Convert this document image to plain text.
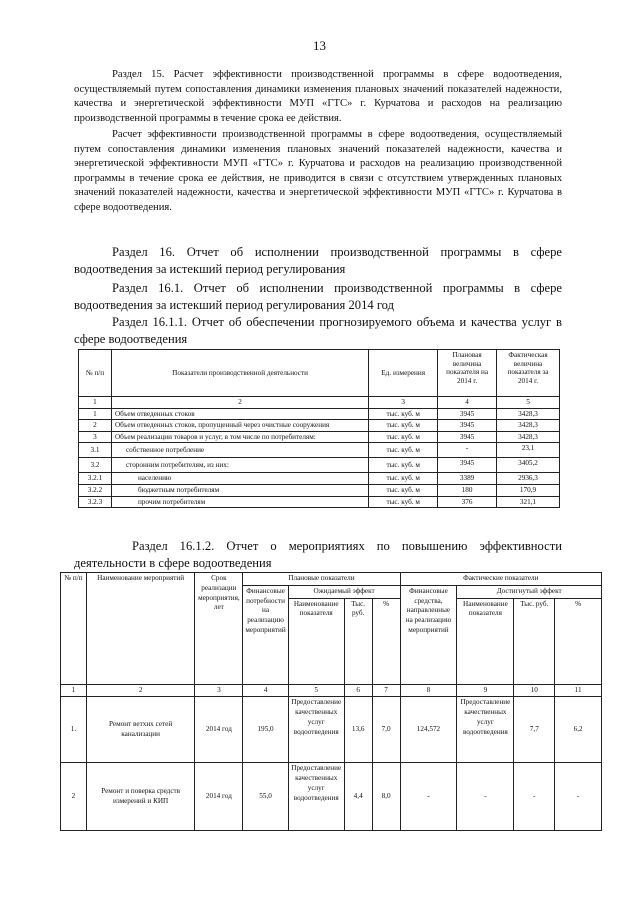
13

Раздел 15. Расчет эффективности производственной программы в сфере водоотведения, осуществляемый путем сопоставления динамики изменения плановых значений показателей надежности, качества и энергетической эффективности МУП «ГТС» г. Курчатова и расходов на реализацию производственной программы в течение срока ее действия.

Расчет эффективности производственной программы в сфере водоотведения, осуществляемый путем сопоставления динамики изменения плановых значений показателей надежности, качества и энергетической эффективности МУП «ГТС» г. Курчатова и расходов на реализацию производственной программы в течение срока ее действия, не приводится в связи с отсутствием утвержденных плановых значений показателей надежности, качества и энергетической эффективности МУП «ГТС» г. Курчатова в сфере водоотведения.

Раздел 16. Отчет об исполнении производственной программы в сфере водоотведения за истекший период регулирования

Раздел 16.1. Отчет об исполнении производственной программы в сфере водоотведения за истекший период регулирования 2014 год

Раздел 16.1.1. Отчет об обеспечении прогнозируемого объема и качества услуг в сфере водоотведения

№ п/п	Показатели производственной деятельности	Ед. измерения	Плановая величина показателя на 2014 г.	Фактическая величина показателя за 2014 г.
1	2	3	4	5
1	Объем отведенных стоков	тыс. куб. м	3945	3428,3
2	Объем отведенных стоков, пропущенный через очистные сооружения	тыс. куб. м	3945	3428,3
3	Объем реализации товаров и услуг, в том числе по потребителям:	тыс. куб. м	3945	3428,3
3.1	собственное потребление	тыс. куб. м	-	23,1
3.2	сторонним потребителям, из них:	тыс. куб. м	3945	3405,2
3.2.1	населению	тыс. куб. м	3389	2936,3
3.2.2	бюджетным потребителям	тыс. куб. м	180	170,9
3.2.3	прочим потребителям	тыс. куб. м	376	321,1

Раздел 16.1.2. Отчет о мероприятиях по повышению эффективности деятельности в сфере водоотведения

№ п/п	Наименование мероприятий	Срок реализации мероприятия, лет	Плановые показатели				Фактические показатели			
			Финансовые потребности на реализацию мероприятий	Ожидаемый эффект			Финансовые средства, направленные на реализацию мероприятий	Достигнутый эффект		
				Наименование показателя	Тыс. руб.	%		Наименование показателя	Тыс. руб.	%
1	2	3	4	5	6	7	8	9	10	11
1.	Ремонт ветхих сетей канализации	2014 год	195,0	Предоставление качественных услуг водоотведения	13,6	7,0	124,572	Предоставление качественных услуг водоотведения	7,7	6,2
2	Ремонт и поверка средств измерений и КИП	2014 год	55,0	Предоставление качественных услуг водоотведения	4,4	8,0	-	-	-	-
